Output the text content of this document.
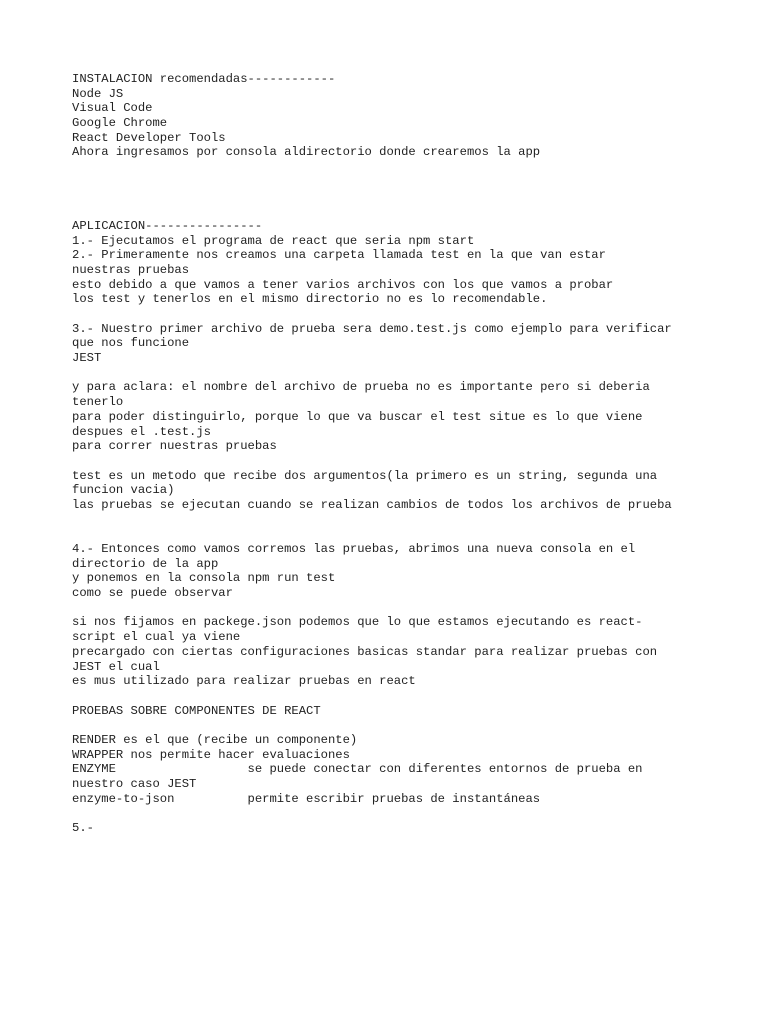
INSTALACION recomendadas------------
Node JS
Visual Code
Google Chrome
React Developer Tools
Ahora ingresamos por consola aldirectorio donde crearemos la app
APLICACION----------------
1.- Ejecutamos el programa de react que seria npm start
2.- Primeramente nos creamos una carpeta llamada test en la que van estar
nuestras pruebas
esto debido a que vamos a tener varios archivos con los que vamos a probar
los test y tenerlos en el mismo directorio no es lo recomendable.
3.- Nuestro primer archivo de prueba sera demo.test.js como ejemplo para verificar
que nos funcione
JEST
y para aclara: el nombre del archivo de prueba no es importante pero si deberia
tenerlo
para poder distinguirlo, porque lo que va buscar el test situe es lo que viene
despues el .test.js
para correr nuestras pruebas
test es un metodo que recibe dos argumentos(la primero es un string, segunda una
funcion vacia)
las pruebas se ejecutan cuando se realizan cambios de todos los archivos de prueba
4.- Entonces como vamos corremos las pruebas, abrimos una nueva consola en el
directorio de la app
y ponemos en la consola npm run test
como se puede observar
si nos fijamos en packege.json podemos que lo que estamos ejecutando es react-
script el cual ya viene
precargado con ciertas configuraciones basicas standar para realizar pruebas con
JEST el cual
es mus utilizado para realizar pruebas en react
PROEBAS SOBRE COMPONENTES DE REACT
RENDER es el que (recibe un componente)
WRAPPER nos permite hacer evaluaciones
ENZYME                  se puede conectar con diferentes entornos de prueba en
nuestro caso JEST
enzyme-to-json          permite escribir pruebas de instantáneas
5.-
